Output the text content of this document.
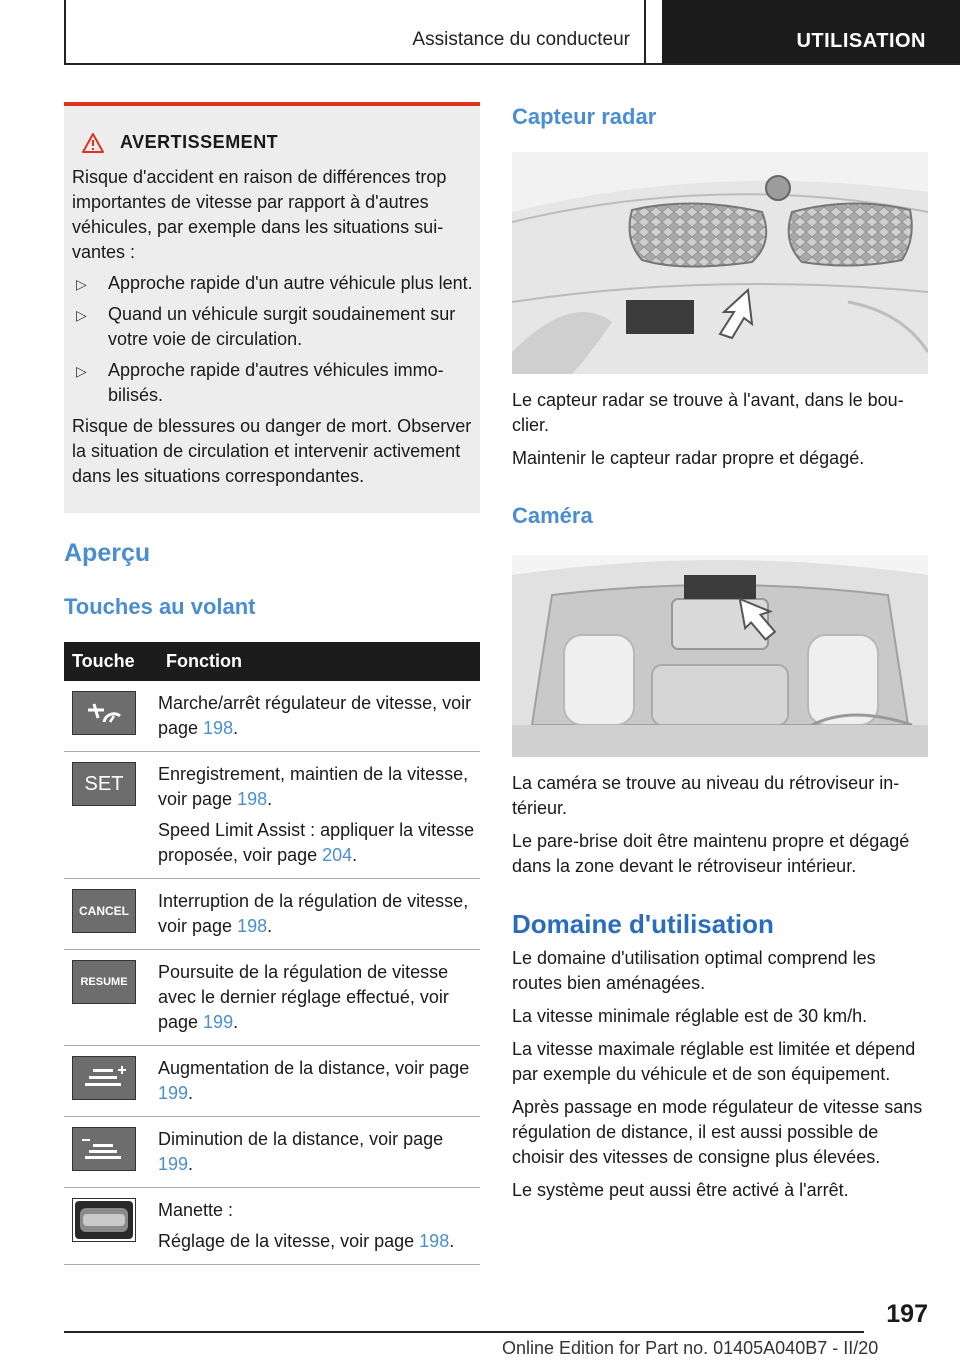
Assistance du conducteur	UTILISATION
AVERTISSEMENT

Risque d'accident en raison de différences trop importantes de vitesse par rapport à d'autres véhicules, par exemple dans les situations suivantes :

▷ Approche rapide d'un autre véhicule plus lent.
▷ Quand un véhicule surgit soudainement sur votre voie de circulation.
▷ Approche rapide d'autres véhicules immobilisés.

Risque de blessures ou danger de mort. Observer la situation de circulation et intervenir activement dans les situations correspondantes.

Aperçu
Touches au volant
Touche	Fonction

Marche/arrêt régulateur de vitesse, voir page 198.

SET	Enregistrement, maintien de la vitesse, voir page 198.

Speed Limit Assist : appliquer la vitesse proposée, voir page 204.

CANCEL	Interruption de la régulation de vitesse, voir page 198.

RESUME	Poursuite de la régulation de vitesse avec le dernier réglage effectué, voir page 199.

Augmentation de la distance, voir page 199.

Diminution de la distance, voir page 199.

Manette :

Réglage de la vitesse, voir page 198.

Capteur radar

Le capteur radar se trouve à l'avant, dans le bouclier.

Maintenir le capteur radar propre et dégagé.

Caméra

La caméra se trouve au niveau du rétroviseur intérieur.

Le pare-brise doit être maintenu propre et dégagé dans la zone devant le rétroviseur intérieur.

Domaine d'utilisation

Le domaine d'utilisation optimal comprend les routes bien aménagées.

La vitesse minimale réglable est de 30 km/h.

La vitesse maximale réglable est limitée et dépend par exemple du véhicule et de son équipement.

Après passage en mode régulateur de vitesse sans régulation de distance, il est aussi possible de choisir des vitesses de consigne plus élevées.

Le système peut aussi être activé à l'arrêt.

197
Online Edition for Part no. 01405A040B7 - II/20
